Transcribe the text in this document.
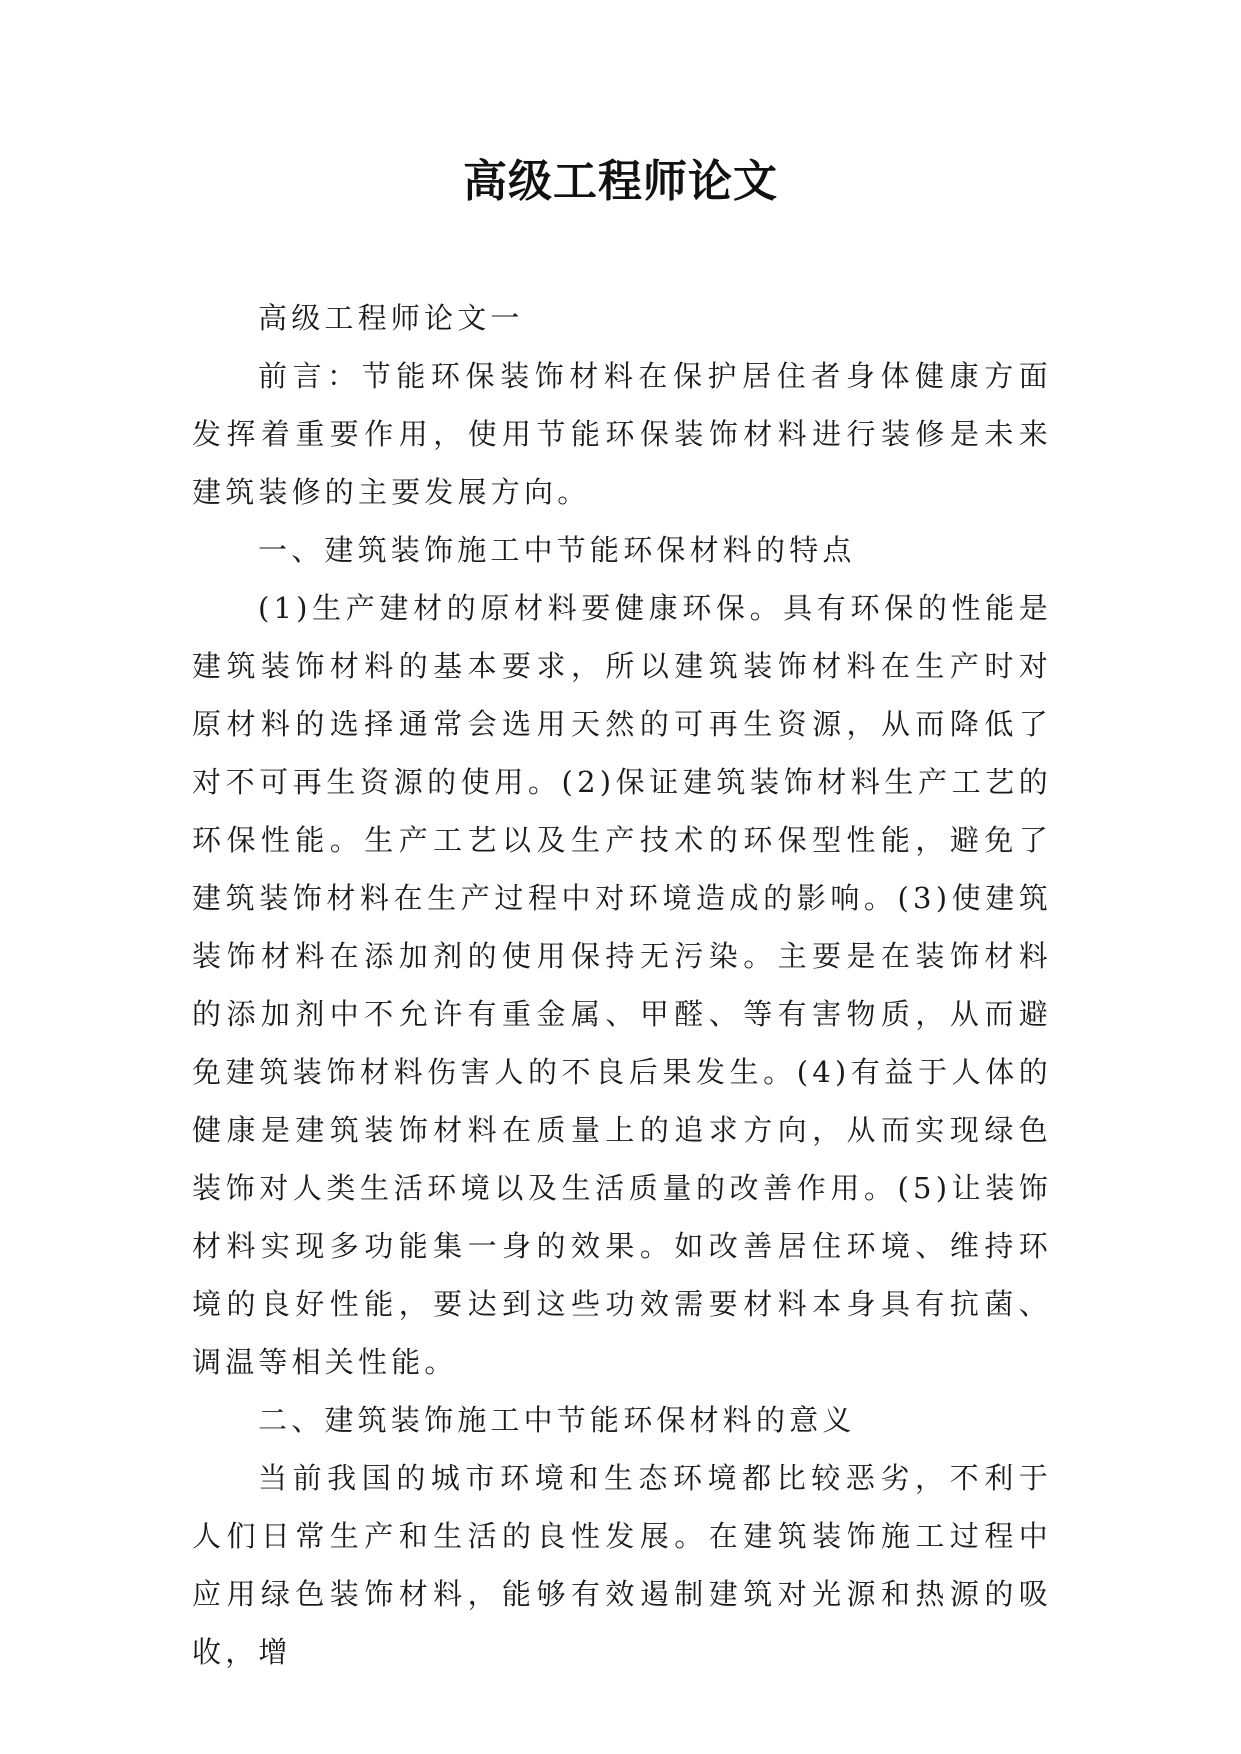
高级工程师论文

高级工程师论文一

前言：节能环保装饰材料在保护居住者身体健康方面发挥着重要作用，使用节能环保装饰材料进行装修是未来建筑装修的主要发展方向。

一、建筑装饰施工中节能环保材料的特点

(1)生产建材的原材料要健康环保。具有环保的性能是建筑装饰材料的基本要求，所以建筑装饰材料在生产时对原材料的选择通常会选用天然的可再生资源，从而降低了对不可再生资源的使用。(2)保证建筑装饰材料生产工艺的环保性能。生产工艺以及生产技术的环保型性能，避免了建筑装饰材料在生产过程中对环境造成的影响。(3)使建筑装饰材料在添加剂的使用保持无污染。主要是在装饰材料的添加剂中不允许有重金属、甲醛、等有害物质，从而避免建筑装饰材料伤害人的不良后果发生。(4)有益于人体的健康是建筑装饰材料在质量上的追求方向，从而实现绿色装饰对人类生活环境以及生活质量的改善作用。(5)让装饰材料实现多功能集一身的效果。如改善居住环境、维持环境的良好性能，要达到这些功效需要材料本身具有抗菌、调温等相关性能。

二、建筑装饰施工中节能环保材料的意义

当前我国的城市环境和生态环境都比较恶劣，不利于人们日常生产和生活的良性发展。在建筑装饰施工过程中应用绿色装饰材料，能够有效遏制建筑对光源和热源的吸收，增
